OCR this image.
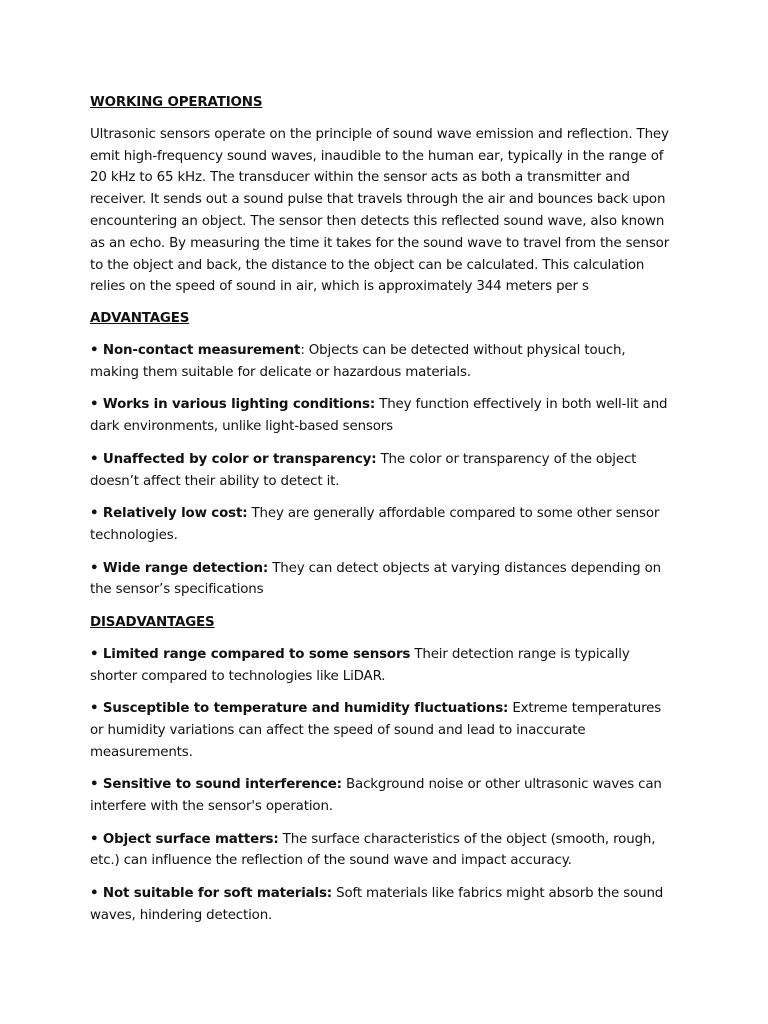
WORKING OPERATIONS
Ultrasonic sensors operate on the principle of sound wave emission and reflection. They emit high-frequency sound waves, inaudible to the human ear, typically in the range of 20 kHz to 65 kHz. The transducer within the sensor acts as both a transmitter and receiver. It sends out a sound pulse that travels through the air and bounces back upon encountering an object. The sensor then detects this reflected sound wave, also known as an echo. By measuring the time it takes for the sound wave to travel from the sensor to the object and back, the distance to the object can be calculated. This calculation relies on the speed of sound in air, which is approximately 344 meters per s
ADVANTAGES
• Non-contact measurement: Objects can be detected without physical touch, making them suitable for delicate or hazardous materials.
• Works in various lighting conditions: They function effectively in both well-lit and dark environments, unlike light-based sensors
• Unaffected by color or transparency: The color or transparency of the object doesn’t affect their ability to detect it.
• Relatively low cost: They are generally affordable compared to some other sensor technologies.
• Wide range detection: They can detect objects at varying distances depending on the sensor’s specifications
DISADVANTAGES
• Limited range compared to some sensors Their detection range is typically shorter compared to technologies like LiDAR.
• Susceptible to temperature and humidity fluctuations: Extreme temperatures or humidity variations can affect the speed of sound and lead to inaccurate measurements.
• Sensitive to sound interference: Background noise or other ultrasonic waves can interfere with the sensor's operation.
• Object surface matters: The surface characteristics of the object (smooth, rough, etc.) can influence the reflection of the sound wave and impact accuracy.
• Not suitable for soft materials: Soft materials like fabrics might absorb the sound waves, hindering detection.
